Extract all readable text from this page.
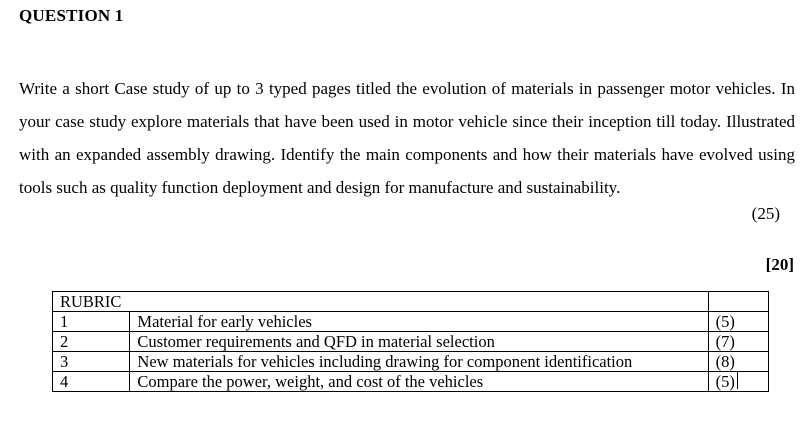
QUESTION 1
Write a short Case study of up to 3 typed pages titled the evolution of materials in passenger motor vehicles. In your case study explore materials that have been used in motor vehicle since their inception till today. Illustrated with an expanded assembly drawing. Identify the main components and how their materials have evolved using tools such as quality function deployment and design for manufacture and sustainability.
(25)
[20]
RUBRIC		
1	Material for early vehicles	(5)
2	Customer requirements and QFD in material selection	(7)
3	New materials for vehicles including drawing for component identification	(8)
4	Compare the power, weight, and cost of the vehicles	(5)
